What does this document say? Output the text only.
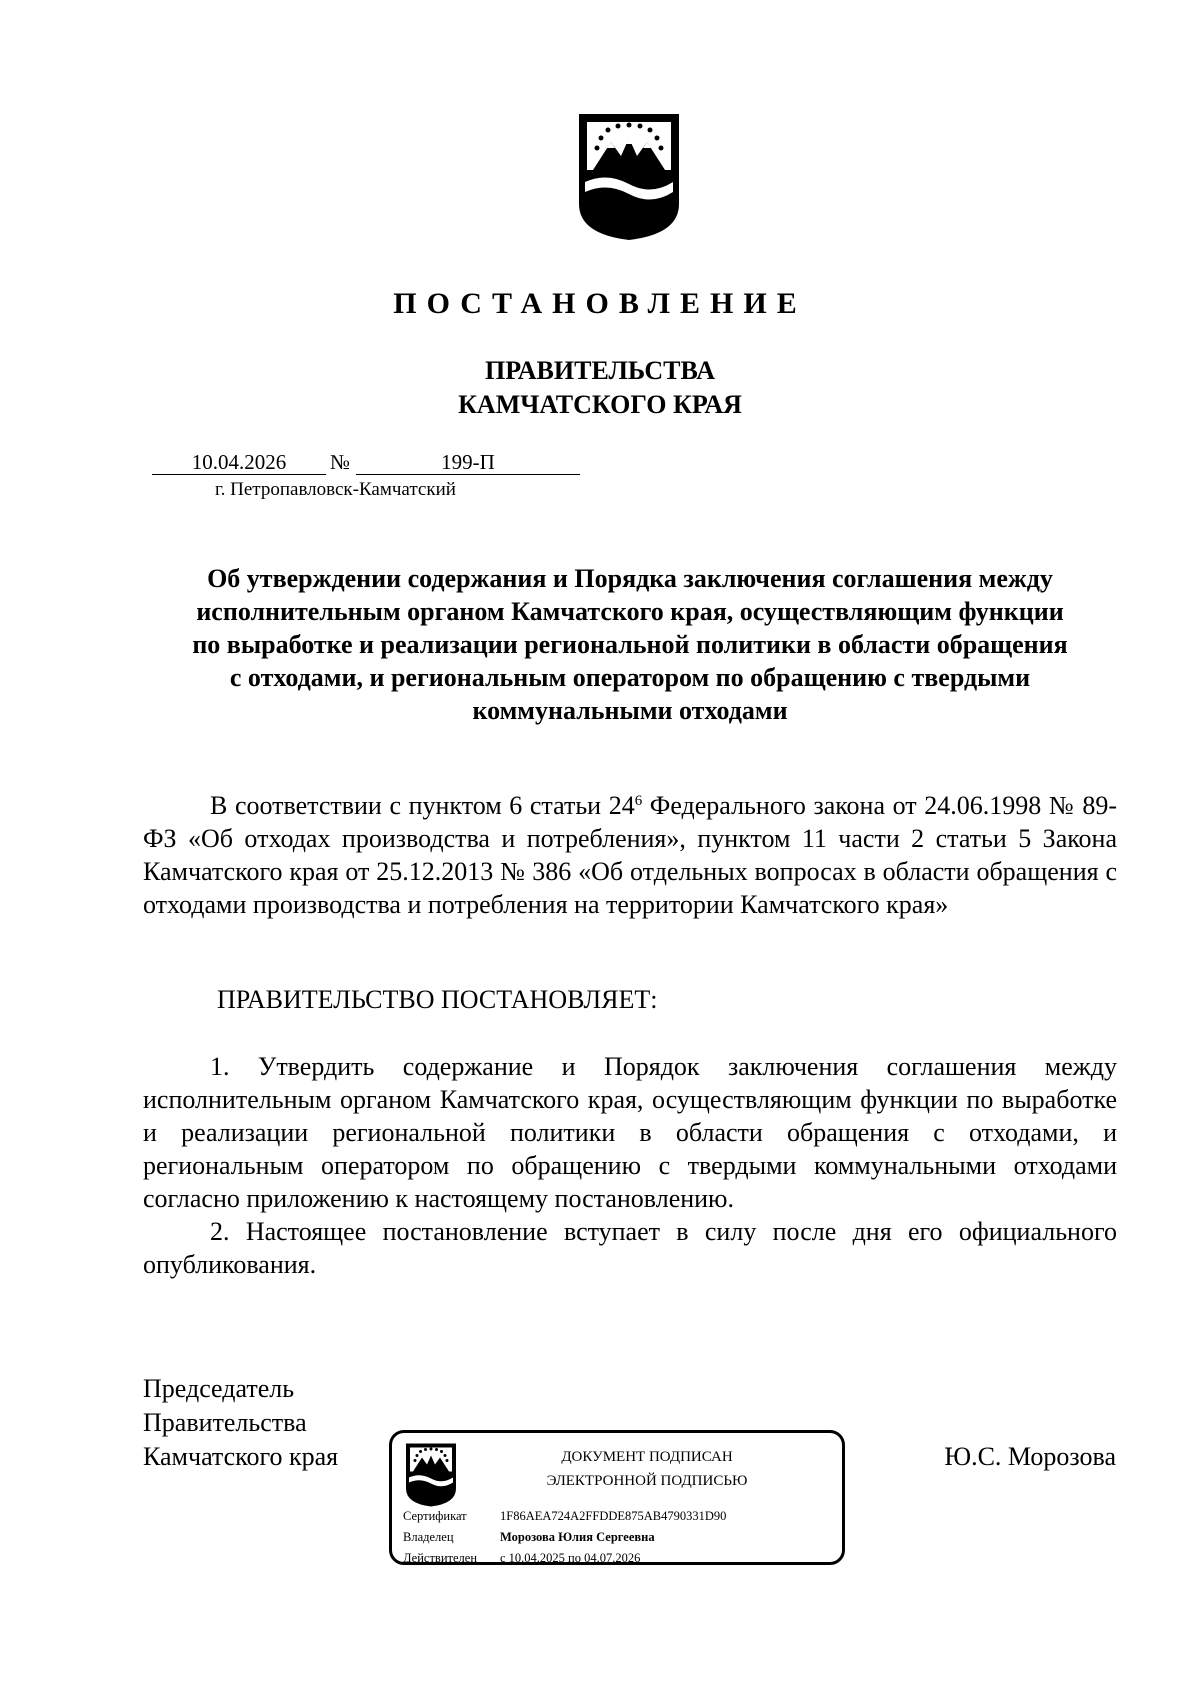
ПОСТАНОВЛЕНИЕ
ПРАВИТЕЛЬСТВА
КАМЧАТСКОГО КРАЯ
10.04.2026	№	199-П
г. Петропавловск-Камчатский
Об утверждении содержания и Порядка заключения соглашения между
исполнительным органом Камчатского края, осуществляющим функции
по выработке и реализации региональной политики в области обращения
с отходами, и региональным оператором по обращению с твердыми
коммунальными отходами

В соответствии с пунктом 6 статьи $24^6$ Федерального закона от 24.06.1998 № 89-ФЗ «Об отходах производства и потребления», пунктом 11 части 2 статьи 5 Закона Камчатского края от 25.12.2013 № 386 «Об отдельных вопросах в области обращения с отходами производства и потребления на территории Камчатского края»

ПРАВИТЕЛЬСТВО ПОСТАНОВЛЯЕТ:

1. Утвердить содержание и Порядок заключения соглашения между исполнительным органом Камчатского края, осуществляющим функции по выработке и реализации региональной политики в области обращения с отходами, и региональным оператором по обращению с твердыми коммунальными отходами согласно приложению к настоящему постановлению.

2. Настоящее постановление вступает в силу после дня его официального опубликования.

Председатель
Правительства
Камчатского края	ДОКУМЕНТ ПОДПИСАН
ЭЛЕКТРОННОЙ ПОДПИСЬЮ
Сертификат	1F86AEA724A2FFDDE875AB4790331D90
Владелец	Морозова Юлия Сергеевна
Действителен с 10.04.2025 по 04.07.2026
Ю.С. Морозова
